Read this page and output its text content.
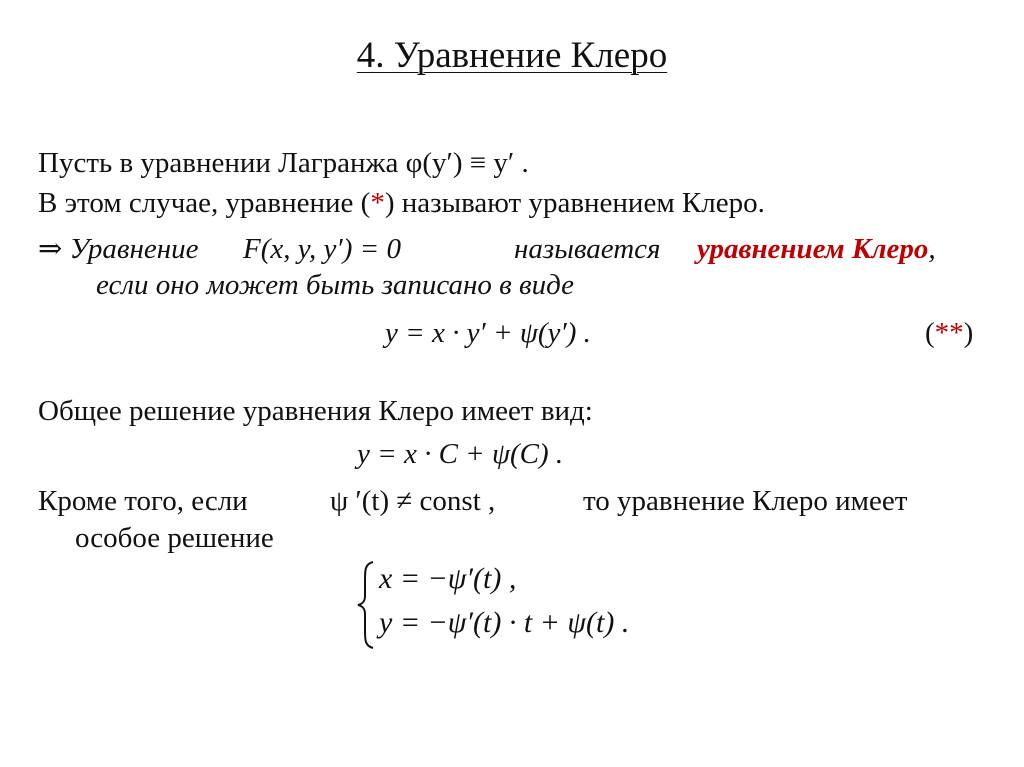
4. Уравнение Клеро
Пусть в уравнении Лагранжа φ(y′) ≡ y′ .
В этом случае, уравнение (*) называют уравнением Клеро.
⇒ Уравнение F(x, y, y′) = 0	называется уравнением Клеро,
если оно может быть записано в виде
y = x · y′ + ψ(y′) .	(**)
Общее решение уравнения Клеро имеет вид:
y = x · C + ψ(C) .
Кроме того, если	ψ ′(t) ≠ const ,	то уравнение Клеро имеет
особое решение
x = −ψ′(t) ,
y = −ψ′(t) · t + ψ(t) .
